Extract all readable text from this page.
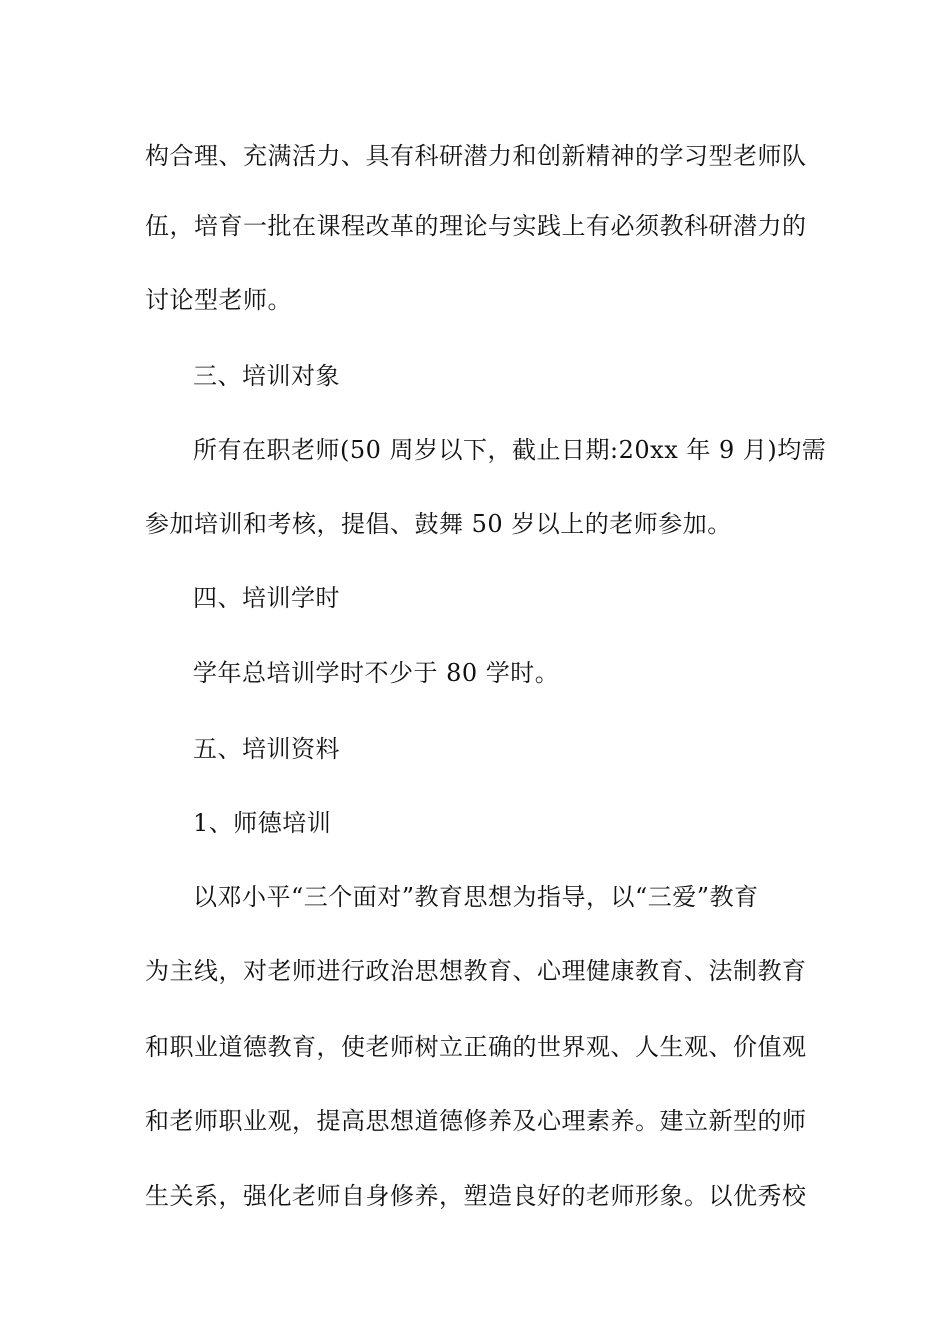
构合理、充满活力、具有科研潜力和创新精神的学习型老师队
伍，培育一批在课程改革的理论与实践上有必须教科研潜力的
讨论型老师。
三、培训对象
所有在职老师(50 周岁以下，截止日期:20xx 年 9 月)均需
参加培训和考核，提倡、鼓舞 50 岁以上的老师参加。
四、培训学时
学年总培训学时不少于 80 学时。
五、培训资料
1、师德培训
以邓小平“三个面对”教育思想为指导，以“三爱”教育
为主线，对老师进行政治思想教育、心理健康教育、法制教育
和职业道德教育，使老师树立正确的世界观、人生观、价值观
和老师职业观，提高思想道德修养及心理素养。建立新型的师
生关系，强化老师自身修养，塑造良好的老师形象。以优秀校
